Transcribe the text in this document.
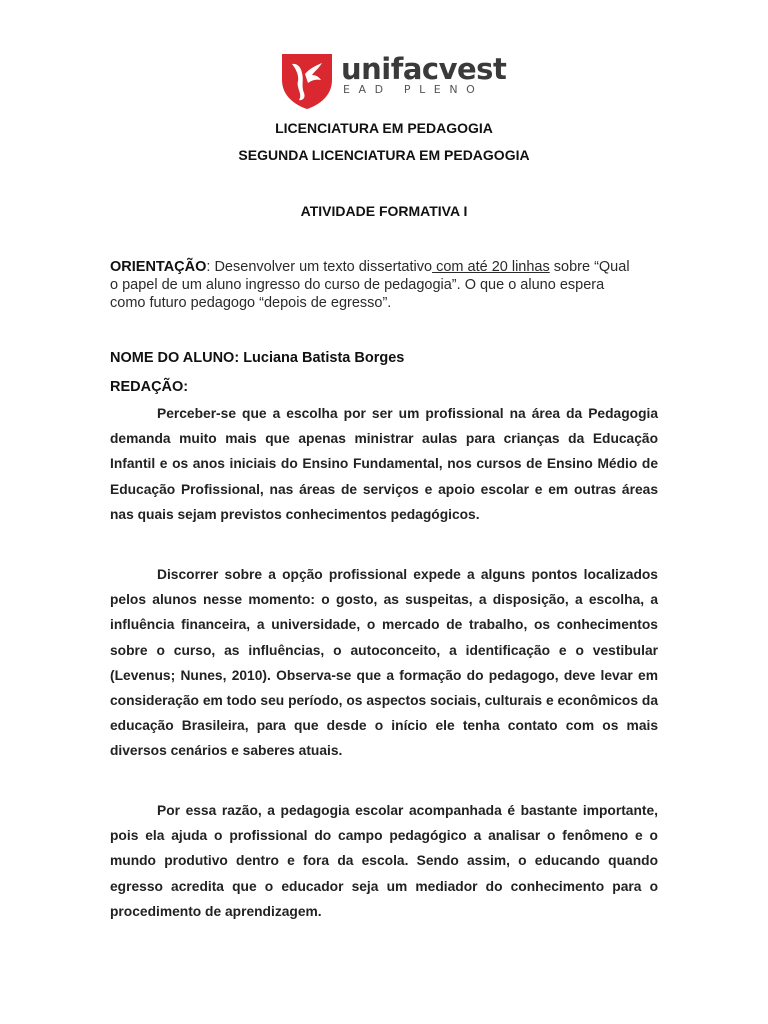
unifacvest
EAD PLENO
LICENCIATURA EM PEDAGOGIA
SEGUNDA LICENCIATURA EM PEDAGOGIA
ATIVIDADE FORMATIVA I
ORIENTAÇÃO: Desenvolver um texto dissertativo com até 20 linhas sobre “Qual o papel de um aluno ingresso do curso de pedagogia”. O que o aluno espera como futuro pedagogo “depois de egresso”.
NOME DO ALUNO: Luciana Batista Borges
REDAÇÃO:

Perceber-se que a escolha por ser um profissional na área da Pedagogia demanda muito mais que apenas ministrar aulas para crianças da Educação Infantil e os anos iniciais do Ensino Fundamental, nos cursos de Ensino Médio de Educação Profissional, nas áreas de serviços e apoio escolar e em outras áreas nas quais sejam previstos conhecimentos pedagógicos.

Discorrer sobre a opção profissional expede a alguns pontos localizados pelos alunos nesse momento: o gosto, as suspeitas, a disposição, a escolha, a influência financeira, a universidade, o mercado de trabalho, os conhecimentos sobre o curso, as influências, o autoconceito, a identificação e o vestibular (Levenus; Nunes, 2010). Observa-se que a formação do pedagogo, deve levar em consideração em todo seu período, os aspectos sociais, culturais e econômicos da educação Brasileira, para que desde o início ele tenha contato com os mais diversos cenários e saberes atuais.

Por essa razão, a pedagogia escolar acompanhada é bastante importante, pois ela ajuda o profissional do campo pedagógico a analisar o fenômeno e o mundo produtivo dentro e fora da escola. Sendo assim, o educando quando egresso acredita que o educador seja um mediador do conhecimento para o procedimento de aprendizagem.
